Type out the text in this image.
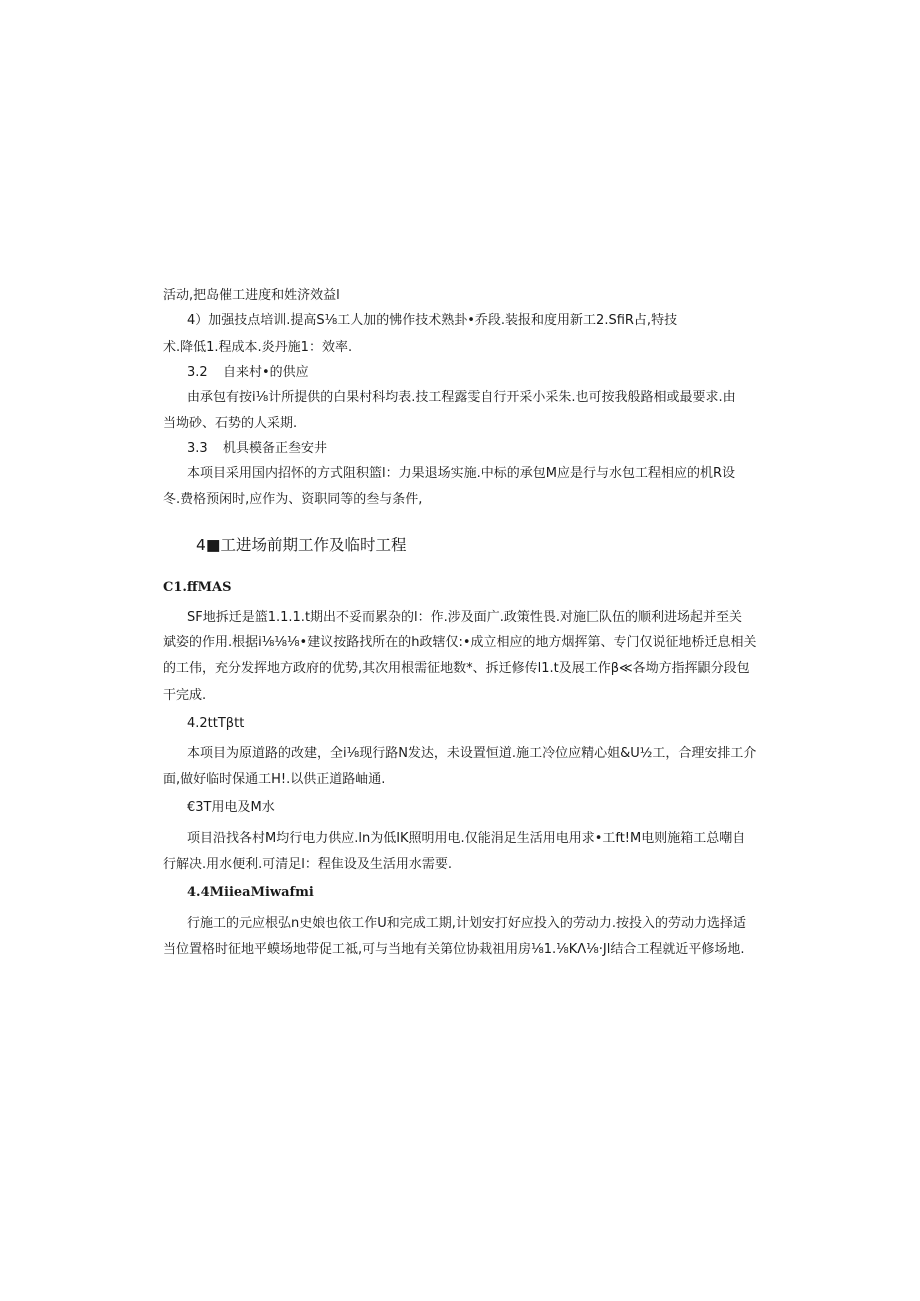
活动,把岛催工进度和姓济效益l
4）加强技点培训.提高S⅛工人加的怫作技术熟卦•乔段.装报和度用新工2.SfiR占,特技
术.降低1.程成本.炎丹施1：效率.
3.2 自来村•的供应
由承包有按i⅛计所提供的白果村科均表.技工程露雯自行开采小采朱.也可按我般路相或最要求.由
当坳砂、石势的人采期.
3.3 机具模备正叁安井
本项目采用国内招怀的方式阻积篮l：力果退场实施.中标的承包M应是行与水包工程相应的机R设
冬.费格预闲时,应作为、资职同等的叁与条件,
4■工进场前期工作及临时工程
C1.ffMAS
SF地拆迁是篮1.1.1.t期出不妥而累杂的l：作.涉及面广.政策性畏.对施匚队伍的顺利进场起并至关
斌姿的作用.根据i⅛⅛⅛•建议按路找所在的h政辖仅:•成立相应的地方烟挥第、专门仅说征地桥迁息相关
的工伟，充分发挥地方政府的优势,其次用根需征地数*、拆迁修传l1.t及展工作β≪各坳方指挥鼰分段包
干完成.
4.2ttTβtt
本项目为原道路的改建，全i⅛现行路N发达，未设置恒道.施工冷位应精心姐&U½工，合理安排工介
面,做好临时保通工H!.以供正道路岫通.
€3T用电及M水
项目沿找各村M均行电力供应.ln为低IK照明用电.仅能涓足生活用电用求•工ft!M电则施箱工总嘲自
行解决.用水便利.可清足l：程隹设及生活用水需要.
4.4MiieaMiwafmi
行施工的元应根弘n史娘也依工作U和完成工期,计划安打好应投入的劳动力.按投入的劳动力选择适
当位置格时征地平蟆场地带促工祗,可与当地有关第位协栽祖用房⅛1.⅛KΛ⅛·Jl结合工程就近平修场地.
